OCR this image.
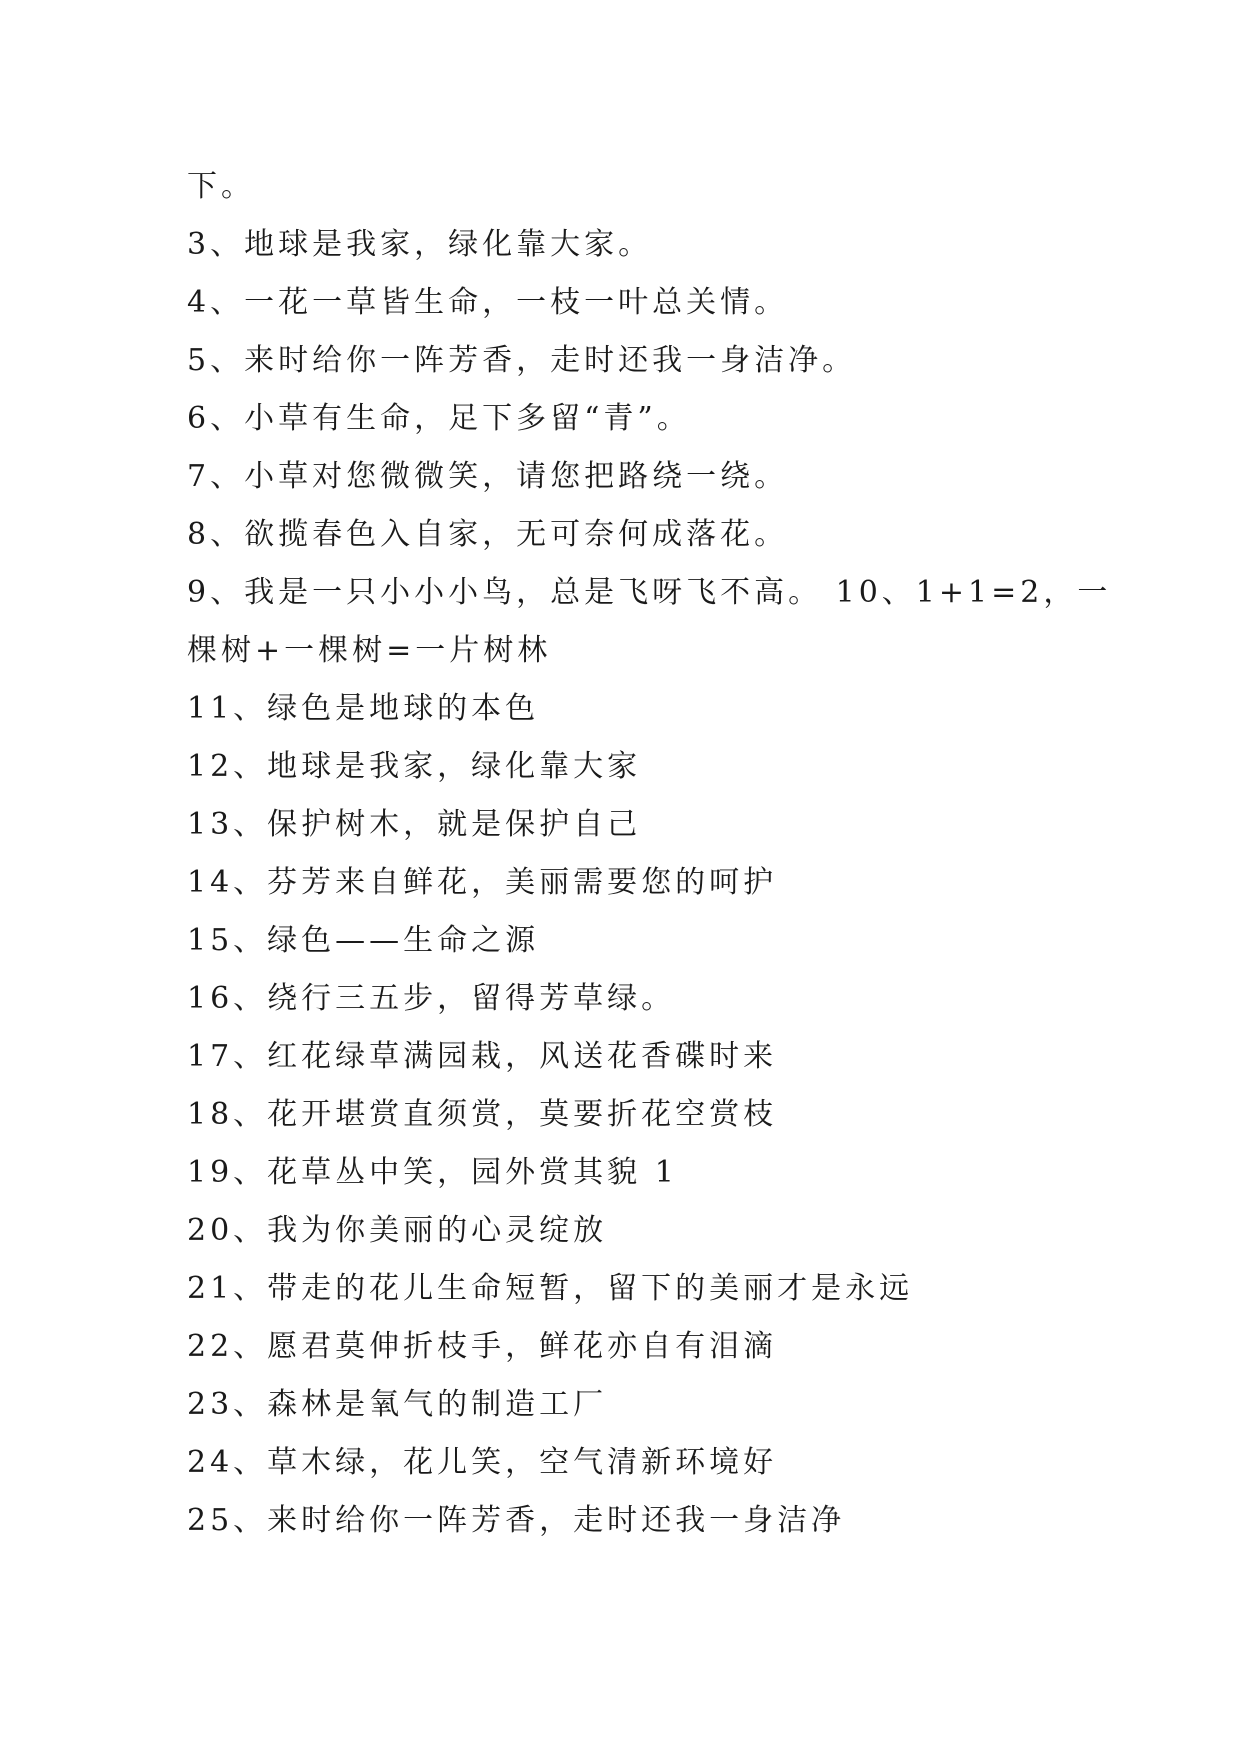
下。
3、地球是我家，绿化靠大家。
4、一花一草皆生命，一枝一叶总关情。
5、来时给你一阵芳香，走时还我一身洁净。
6、小草有生命，足下多留“青”。
7、小草对您微微笑，请您把路绕一绕。
8、欲揽春色入自家，无可奈何成落花。
9、我是一只小小小鸟，总是飞呀飞不高。 10、1+1=2，一
棵树+一棵树=一片树林
11、绿色是地球的本色
12、地球是我家，绿化靠大家
13、保护树木，就是保护自己
14、芬芳来自鲜花，美丽需要您的呵护
15、绿色——生命之源
16、绕行三五步，留得芳草绿。
17、红花绿草满园栽，风送花香碟时来
18、花开堪赏直须赏，莫要折花空赏枝
19、花草丛中笑，园外赏其貌 1
20、我为你美丽的心灵绽放
21、带走的花儿生命短暂，留下的美丽才是永远
22、愿君莫伸折枝手，鲜花亦自有泪滴
23、森林是氧气的制造工厂
24、草木绿，花儿笑，空气清新环境好
25、来时给你一阵芳香，走时还我一身洁净
